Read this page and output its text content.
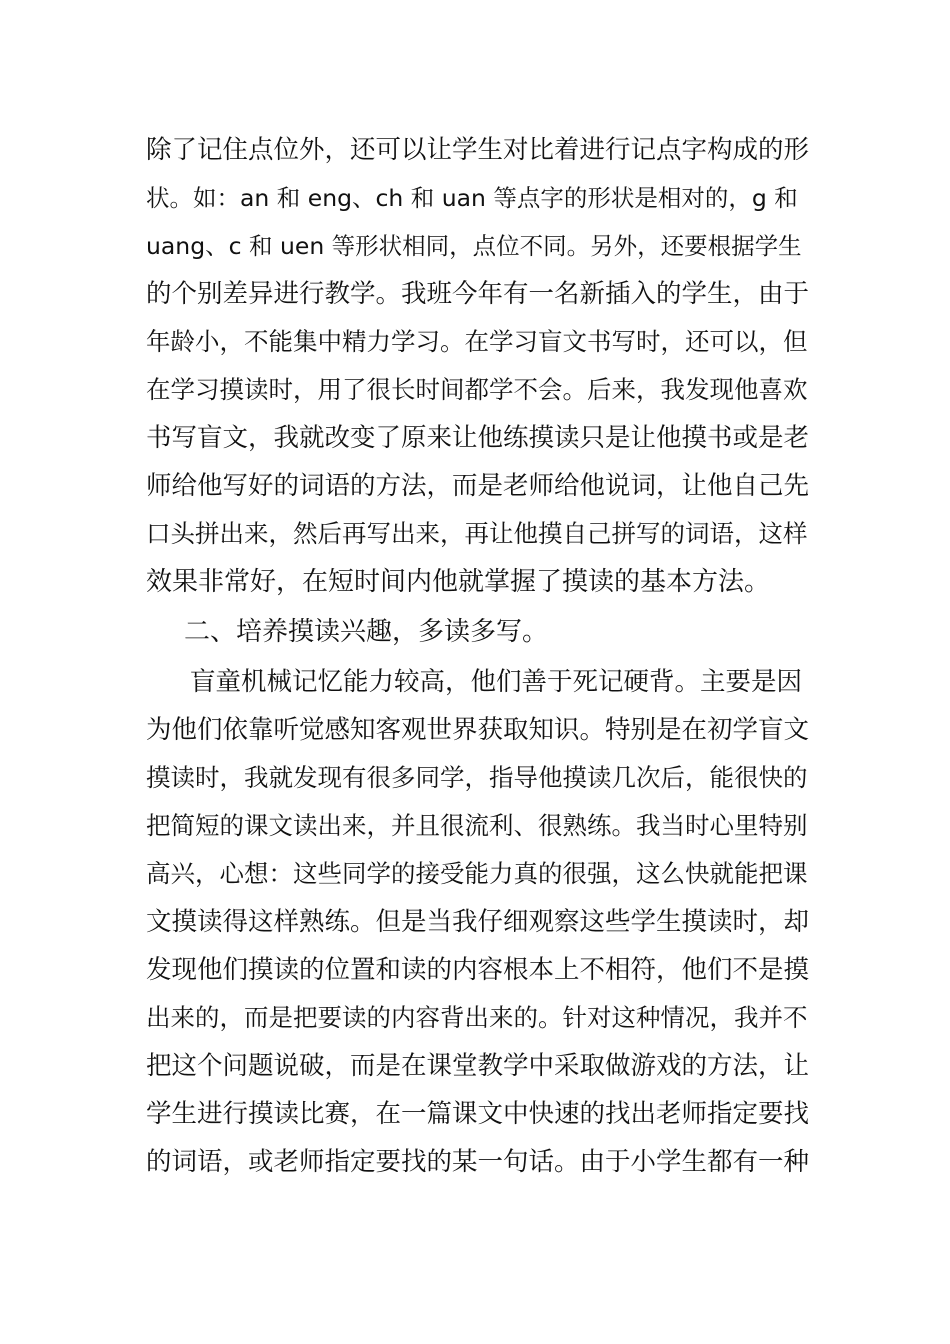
除了记住点位外，还可以让学生对比着进行记点字构成的形
状。如：an 和 eng、ch 和 uan 等点字的形状是相对的，g 和
uang、c 和 uen 等形状相同，点位不同。另外，还要根据学生
的个别差异进行教学。我班今年有一名新插入的学生，由于
年龄小，不能集中精力学习。在学习盲文书写时，还可以，但
在学习摸读时，用了很长时间都学不会。后来，我发现他喜欢
书写盲文，我就改变了原来让他练摸读只是让他摸书或是老
师给他写好的词语的方法，而是老师给他说词，让他自己先
口头拼出来，然后再写出来，再让他摸自己拼写的词语，这样
效果非常好，在短时间内他就掌握了摸读的基本方法。
二、培养摸读兴趣，多读多写。
盲童机械记忆能力较高，他们善于死记硬背。主要是因
为他们依靠听觉感知客观世界获取知识。特别是在初学盲文
摸读时，我就发现有很多同学，指导他摸读几次后，能很快的
把简短的课文读出来，并且很流利、很熟练。我当时心里特别
高兴，心想：这些同学的接受能力真的很强，这么快就能把课
文摸读得这样熟练。但是当我仔细观察这些学生摸读时，却
发现他们摸读的位置和读的内容根本上不相符，他们不是摸
出来的，而是把要读的内容背出来的。针对这种情况，我并不
把这个问题说破，而是在课堂教学中采取做游戏的方法，让
学生进行摸读比赛，在一篇课文中快速的找出老师指定要找
的词语，或老师指定要找的某一句话。由于小学生都有一种
